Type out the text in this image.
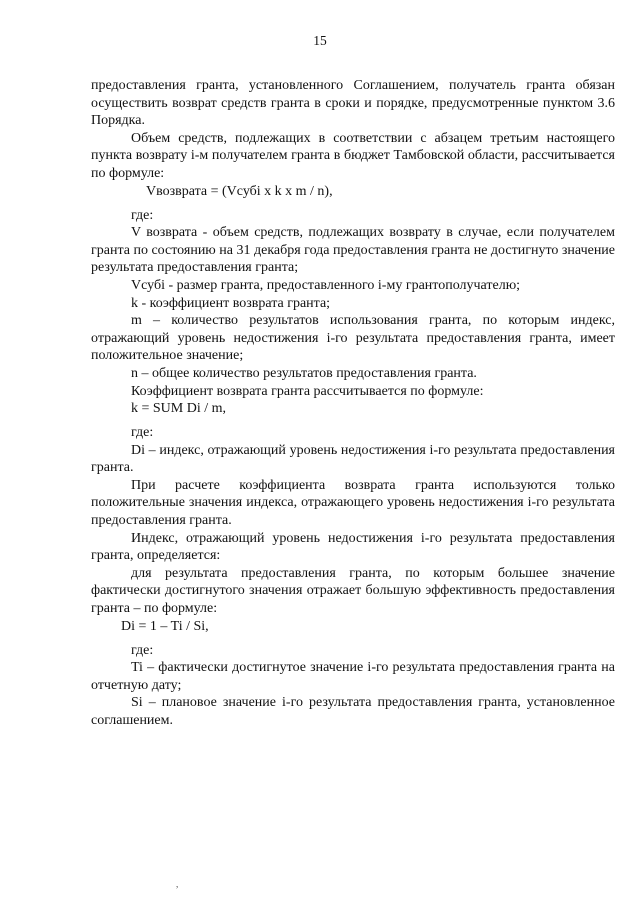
15

предоставления гранта, установленного Соглашением, получатель гранта обязан осуществить возврат средств гранта в сроки и порядке, предусмотренные пунктом 3.6 Порядка.

Объем средств, подлежащих в соответствии с абзацем третьим настоящего пункта возврату i-м получателем гранта в бюджет Тамбовской области, рассчитывается по формуле:

Vвозврата = (Vсубі x k x m / n),

где:

V возврата - объем средств, подлежащих возврату в случае, если получателем гранта по состоянию на 31 декабря года предоставления гранта не достигнуто значение результата предоставления гранта;

Vсубі - размер гранта, предоставленного і-му грантополучателю;

k - коэффициент возврата гранта;

m – количество результатов использования гранта, по которым индекс, отражающий уровень недостижения і-го результата предоставления гранта, имеет положительное значение;

n – общее количество результатов предоставления гранта.

Коэффициент возврата гранта рассчитывается по формуле:

k = SUM Di / m,

где:

Di – индекс, отражающий уровень недостижения і-го результата предоставления гранта.

При расчете коэффициента возврата гранта используются только положительные значения индекса, отражающего уровень недостижения і-го результата предоставления гранта.

Индекс, отражающий уровень недостижения і-го результата предоставления гранта, определяется:

для результата предоставления гранта, по которым большее значение фактически достигнутого значения отражает большую эффективность предоставления гранта – по формуле:

Di = 1 – Ti / Si,

где:

Ti – фактически достигнутое значение і-го результата предоставления гранта на отчетную дату;

Si – плановое значение і-го результата предоставления гранта, установленное соглашением.

,
